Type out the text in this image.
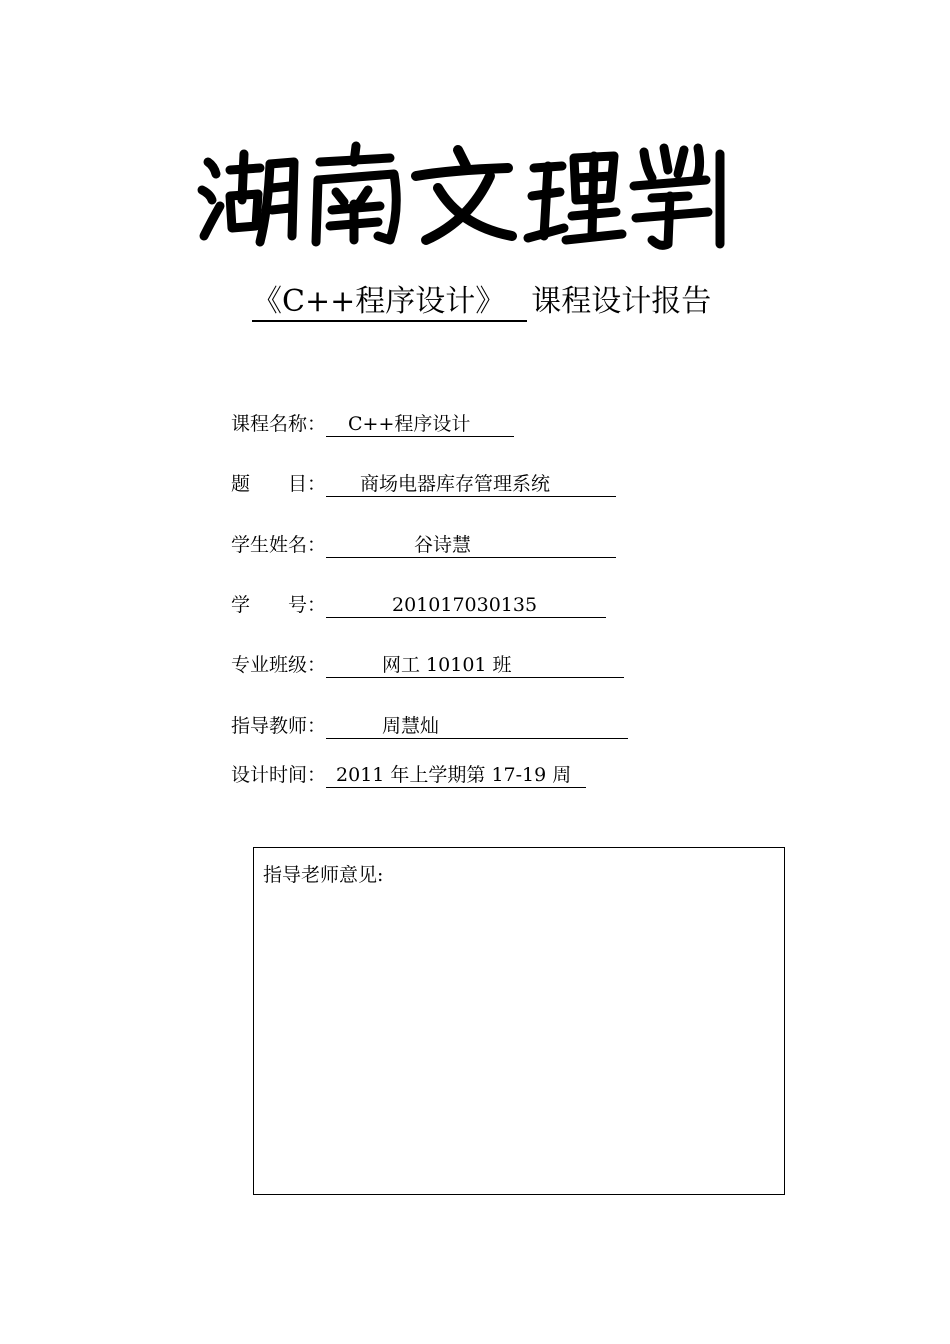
《C++程序设计》 课程设计报告
课程名称： C++程序设计
题　　目： 商场电器库存管理系统
学生姓名：	谷诗慧
学　　号：	201017030135
专业班级：	网工 10101 班
指导教师：	周慧灿
设计时间： 2011 年上学期第 17-19 周
指导老师意见:
